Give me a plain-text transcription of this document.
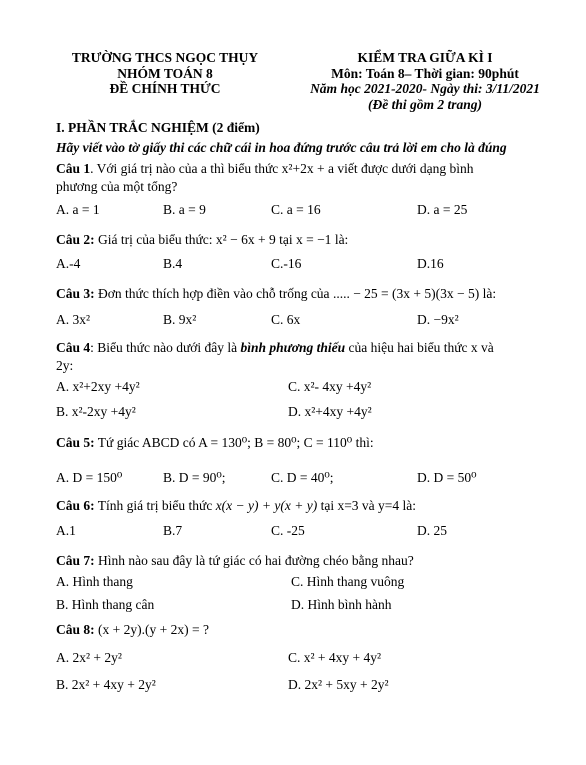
TRƯỜNG THCS NGỌC THỤY
NHÓM TOÁN 8
ĐỀ CHÍNH THỨC
KIỂM TRA GIỮA KÌ I
Môn: Toán 8– Thời gian: 90phút
Năm học 2021-2020- Ngày thi: 3/11/2021
(Đề thi gồm 2 trang)
I. PHẦN TRẮC NGHIỆM (2 điểm)
Hãy viết vào tờ giấy thi các chữ cái in hoa đứng trước câu trả lời em cho là đúng
Câu 1. Với giá trị nào của a thì biểu thức x²+2x + a viết được dưới dạng bình
phương của một tổng?
A. a = 1	B. a = 9	C. a = 16	D. a = 25
Câu 2: Giá trị của biểu thức: x² − 6x + 9 tại x = −1 là:
A.-4	B.4	C.-16	D.16
Câu 3: Đơn thức thích hợp điền vào chỗ trống của ..... − 25 = (3x + 5)(3x − 5) là:
A. 3x²	B. 9x²	C. 6x	D. −9x²
Câu 4: Biểu thức nào dưới đây là bình phương thiếu của hiệu hai biểu thức x và
2y:
A. x²+2xy +4y²	C. x²- 4xy +4y²
B. x²-2xy +4y²	D. x²+4xy +4y²
Câu 5: Tứ giác ABCD có A = 130⁰; B = 80⁰; C = 110⁰ thì:
A. D = 150⁰	B. D = 90⁰;	C. D = 40⁰;	D. D = 50⁰
Câu 6: Tính giá trị biểu thức x(x − y) + y(x + y) tại x=3 và y=4 là:
A.1	B.7	C. -25	D. 25
Câu 7: Hình nào sau đây là tứ giác có hai đường chéo bằng nhau?
A. Hình thang	C. Hình thang vuông
B. Hình thang cân	D. Hình bình hành
Câu 8: (x + 2y).(y + 2x) = ?
A. 2x² + 2y²	C. x² + 4xy + 4y²
B. 2x² + 4xy + 2y²	D. 2x² + 5xy + 2y²
